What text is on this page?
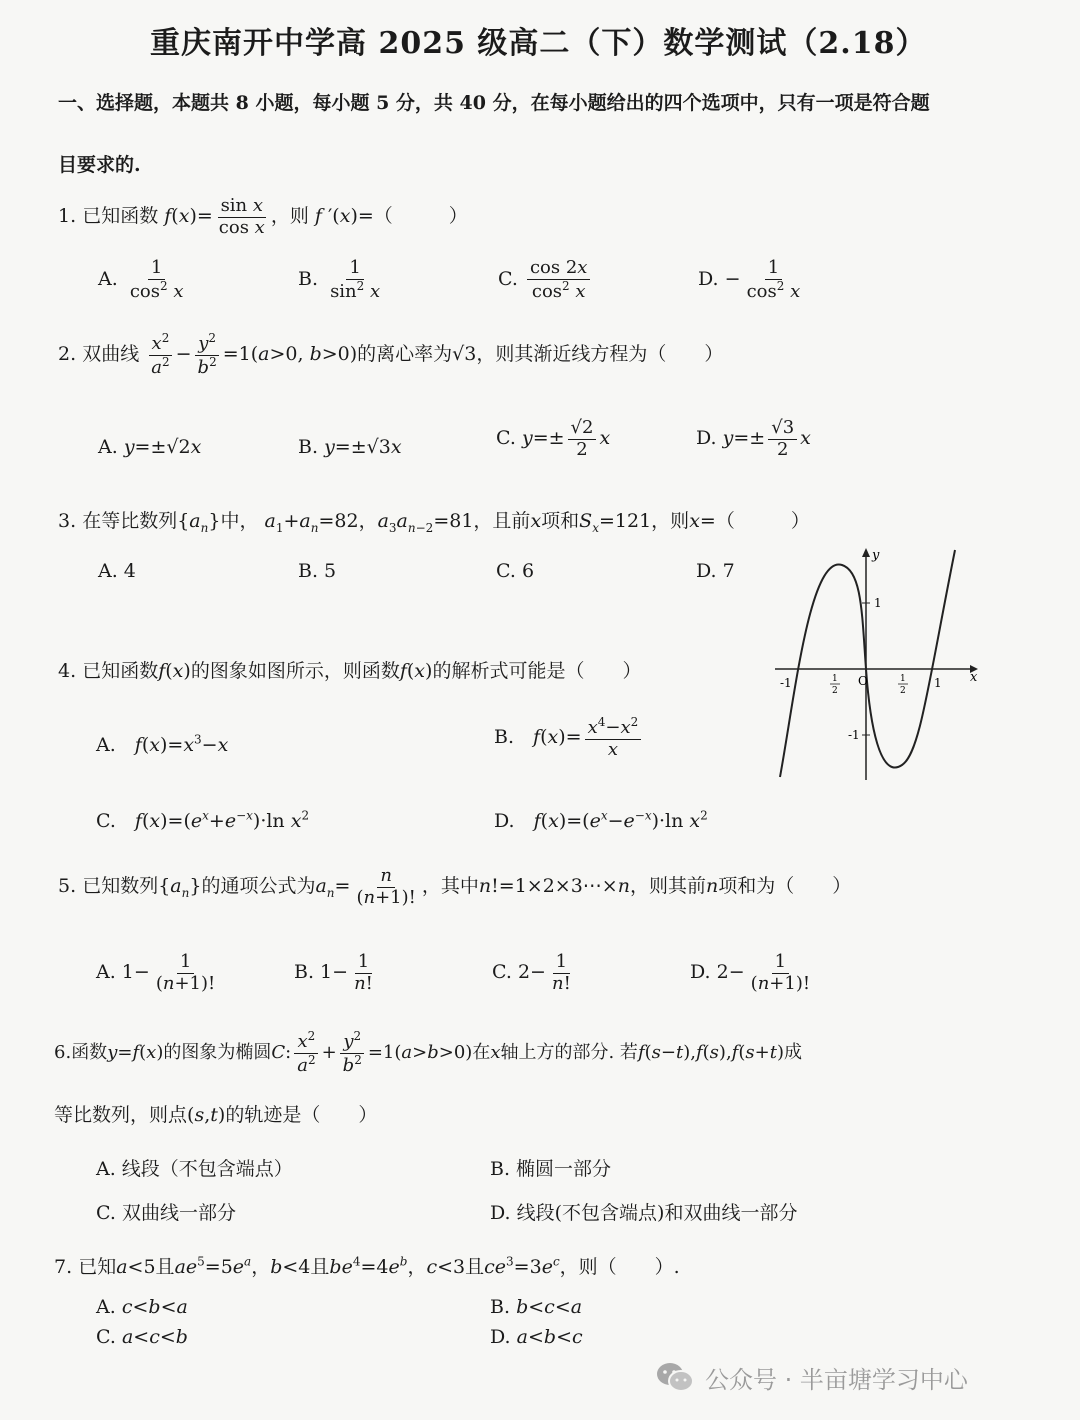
重庆南开中学高 2025 级高二（下）数学测试（2.18）
一、选择题，本题共 8 小题，每小题 5 分，共 40 分，在每小题给出的四个选项中，只有一项是符合题
目要求的.
1. 已知函数 $f(x)= \frac{\text{sin x}}{\text{cos x}}$ ，则 f ′(x)=（	）
A. $\frac{1}{\cos^2 x}$	B. $\frac{1}{\sin^2 x}$	C. $\frac{\cos 2x}{\cos^2 x}$	D. − $\frac{1}{\cos^2 x}$
2. 双曲线 $\frac{x^2}{a^2} - \frac{y^2}{b^2} =1(a>0$, b>0)的离心率为√3，则其渐近线方程为（　　）
A. y=±√2x	B. y=±√3x	C. $y=\pm \frac{√2}{2}$ x	D. $y=\pm \frac{√3}{2}$ x
3. 在等比数列$\{a_n\}$中， $a_1+a_n=82$，$a_3a_{n-2}=81$，且前x项和$S_x=121$，则x=（	）
A. 4	B. 5	C. 6	D. 7
x
y
O
1
-1
1
-1	1
2
1
2
4. 已知函数f(x)的图象如图所示，则函数f(x)的解析式可能是（　　）
A.　 $f(x)=x^3-x$	B.　 $f(x)= \frac{x^4-x^2}{x}$
C.　 $f(x)=(e^x+e^{-x})\cdot\ln$ $x^2$	D.　 $f(x)=(e^x-e^{-x})\cdot\ln$ $x^2$
5. 已知数列$\{a_n\}$的通项公式为$a_n= \frac{n}{(n+1)!}$ ，其中n!=1×2×3⋯×n，则其前n项和为（　　）
A. $1- \frac{1}{(n+1)!}$	B. $1- \frac{1}{n!}$	C. $2- \frac{1}{n!}$	D. $2- \frac{1}{(n+1)!}$
6.函数y=f(x)的图象为椭圆C: $\frac{x^2}{a^2} + \frac{y^2}{b^2} =1(a>b>0)$在x轴上方的部分. 若f(s−t),f(s),f(s+t)成
等比数列，则点(s,t)的轨迹是（　　）
A. 线段（不包含端点）	B. 椭圆一部分
C. 双曲线一部分	D. 线段(不包含端点)和双曲线一部分
7. 已知a<5且$ae^5=5e^a$，b<4且$be^4=4e^b$，c<3且$ce^3=3e^c$，则（　　）.
A. c<b<a	B. b<c<a
C. a<c<b	D. a<b<c
公众号 · 半亩塘学习中心
